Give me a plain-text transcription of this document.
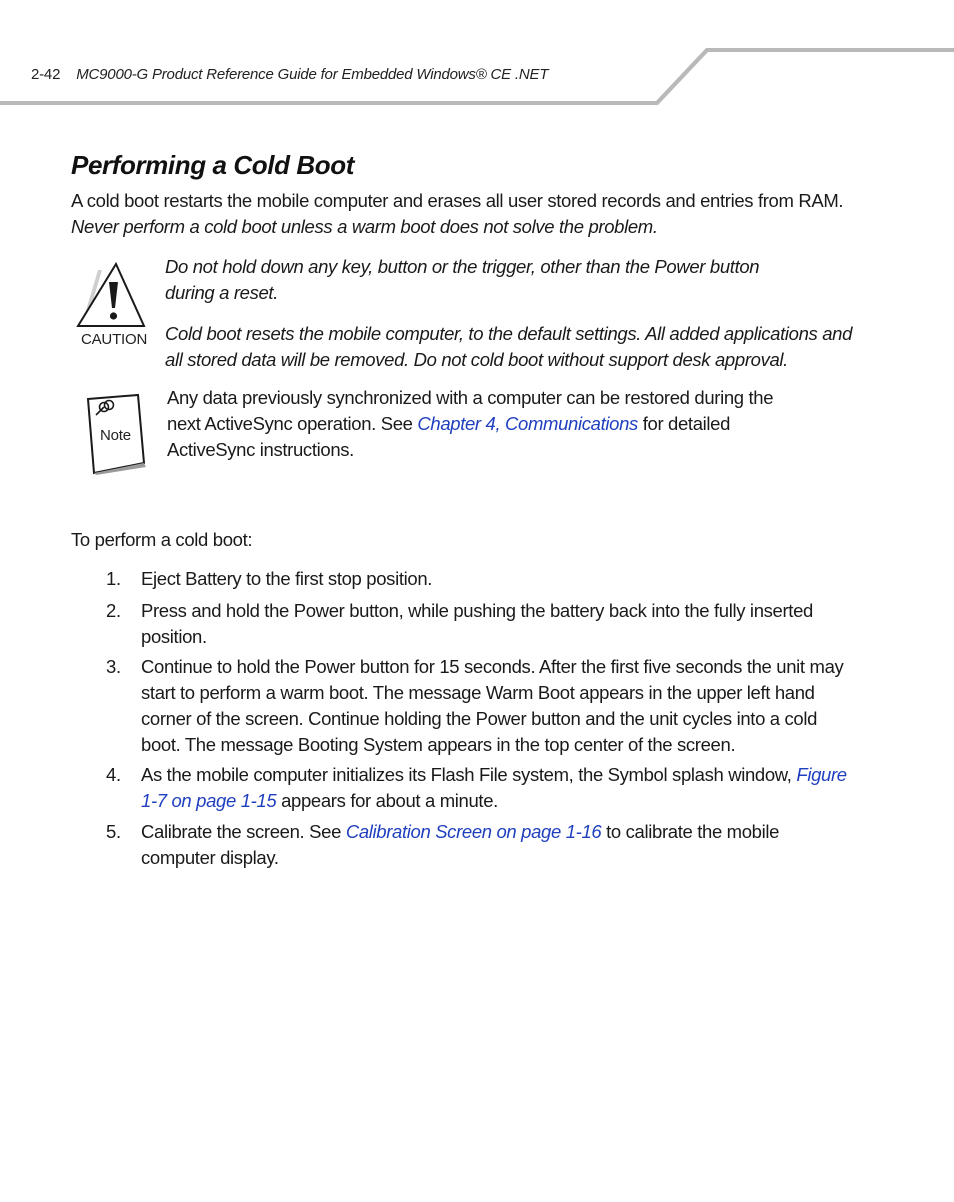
2-42 MC9000-G Product Reference Guide for Embedded Windows® CE .NET
Performing a Cold Boot
A cold boot restarts the mobile computer and erases all user stored records and entries from RAM.
Never perform a cold boot unless a warm boot does not solve the problem.
CAUTION
Do not hold down any key, button or the trigger, other than the Power button during a reset.
Cold boot resets the mobile computer, to the default settings. All added applications and all stored data will be removed. Do not cold boot without support desk approval.
Note
Any data previously synchronized with a computer can be restored during the next ActiveSync operation. See Chapter 4, Communications for detailed ActiveSync instructions.
To perform a cold boot:
1. Eject Battery to the first stop position.
2. Press and hold the Power button, while pushing the battery back into the fully inserted position.
3. Continue to hold the Power button for 15 seconds. After the first five seconds the unit may start to perform a warm boot. The message Warm Boot appears in the upper left hand corner of the screen. Continue holding the Power button and the unit cycles into a cold boot. The message Booting System appears in the top center of the screen.
4. As the mobile computer initializes its Flash File system, the Symbol splash window, Figure 1-7 on page 1-15 appears for about a minute.
5. Calibrate the screen. See Calibration Screen on page 1-16 to calibrate the mobile computer display.
